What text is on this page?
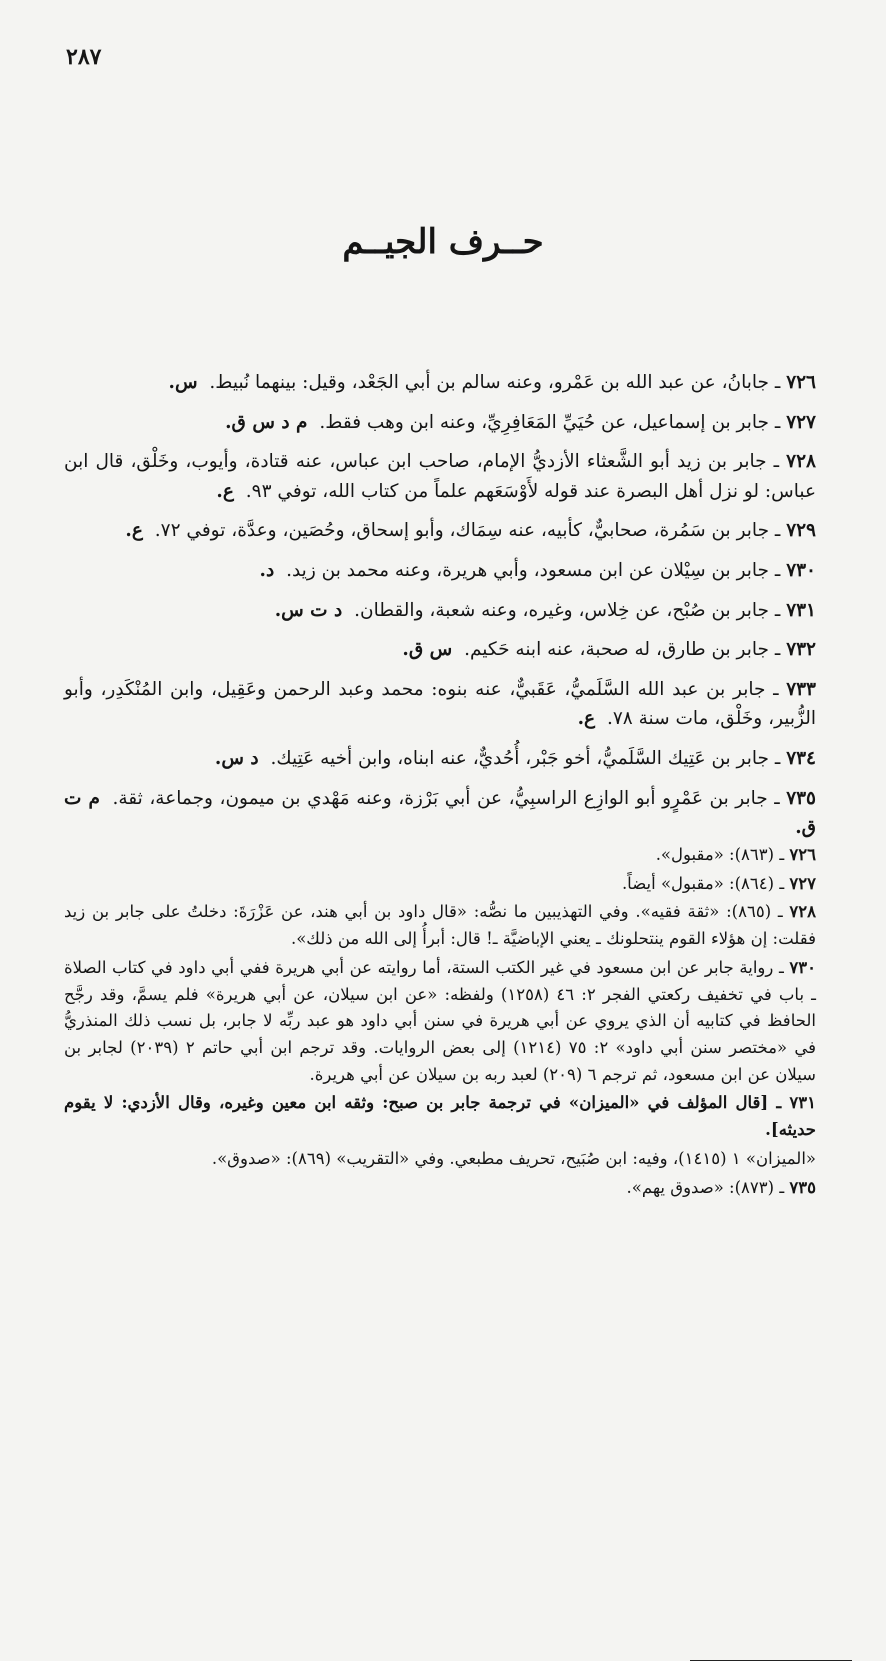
٢٨٧
حــرف الجيــم

٧٢٦ ـ جابانُ، عن عبد الله بن عَمْرو، وعنه سالم بن أبي الجَعْد، وقيل: بينهما نُبيط. س.

٧٢٧ ـ جابر بن إسماعيل، عن حُيَيِّ المَعَافِرِيِّ، وعنه ابن وهب فقط. م د س ق.

٧٢٨ ـ جابر بن زيد أبو الشَّعثاء الأزديُّ الإمام، صاحب ابن عباس، عنه قتادة، وأيوب، وخَلْق، قال ابن عباس: لو نزل أهل البصرة عند قوله لأَوْسَعَهم علماً من كتاب الله، توفي ٩٣. ع.

٧٢٩ ـ جابر بن سَمُرة، صحابيٌّ، كأبيه، عنه سِمَاك، وأبو إسحاق، وحُصَين، وعدَّة، توفي ٧٢. ع.

٧٣٠ ـ جابر بن سِيْلان عن ابن مسعود، وأبي هريرة، وعنه محمد بن زيد. د.

٧٣١ ـ جابر بن صُبْح، عن خِلاس، وغيره، وعنه شعبة، والقطان. د ت س.

٧٣٢ ـ جابر بن طارق، له صحبة، عنه ابنه حَكيم. س ق.

٧٣٣ ـ جابر بن عبد الله السَّلَميُّ، عَقَبيٌّ، عنه بنوه: محمد وعبد الرحمن وعَقِيل، وابن المُنْكَدِر، وأبو الزُّبير، وخَلْق، مات سنة ٧٨. ع.

٧٣٤ ـ جابر بن عَتِيك السَّلَميُّ، أخو جَبْر، أُحُديٌّ، عنه ابناه، وابن أخيه عَتِيك. د س.

٧٣٥ ـ جابر بن عَمْرٍو أبو الوازِع الراسبِيُّ، عن أبي بَرْزة، وعنه مَهْدي بن ميمون، وجماعة، ثقة. م ت ق.

٧٢٦ ـ (٨٦٣): «مقبول».

٧٢٧ ـ (٨٦٤): «مقبول» أيضاً.

٧٢٨ ـ (٨٦٥): «ثقة فقيه». وفي التهذيبين ما نصُّه: «قال داود بن أبي هند، عن عَزْرَةَ: دخلتُ على جابر بن زيد فقلت: إن هؤلاء القوم ينتحلونك ـ يعني الإباضيَّة ـ! قال: أبرأُ إلى الله من ذلك».

٧٣٠ ـ رواية جابر عن ابن مسعود في غير الكتب الستة، أما روايته عن أبي هريرة ففي أبي داود في كتاب الصلاة ـ باب في تخفيف ركعتي الفجر ٢: ٤٦ (١٢٥٨) ولفظه: «عن ابن سيلان، عن أبي هريرة» فلم يسمَّ، وقد رجَّح الحافظ في كتابيه أن الذي يروي عن أبي هريرة في سنن أبي داود هو عبد ربِّه لا جابر، بل نسب ذلك المنذريُّ في «مختصر سنن أبي داود» ٢: ٧٥ (١٢١٤) إلى بعض الروايات. وقد ترجم ابن أبي حاتم ٢ (٢٠٣٩) لجابر بن سيلان عن ابن مسعود، ثم ترجم ٦ (٢٠٩) لعبد ربه بن سيلان عن أبي هريرة.

٧٣١ ـ [قال المؤلف في «الميزان» في ترجمة جابر بن صبح: وثقه ابن معين وغيره، وقال الأزدي: لا يقوم حديثه].

«الميزان» ١ (١٤١٥)، وفيه: ابن صُبَيح، تحريف مطبعي. وفي «التقريب» (٨٦٩): «صدوق».

٧٣٥ ـ (٨٧٣): «صدوق يهم».
